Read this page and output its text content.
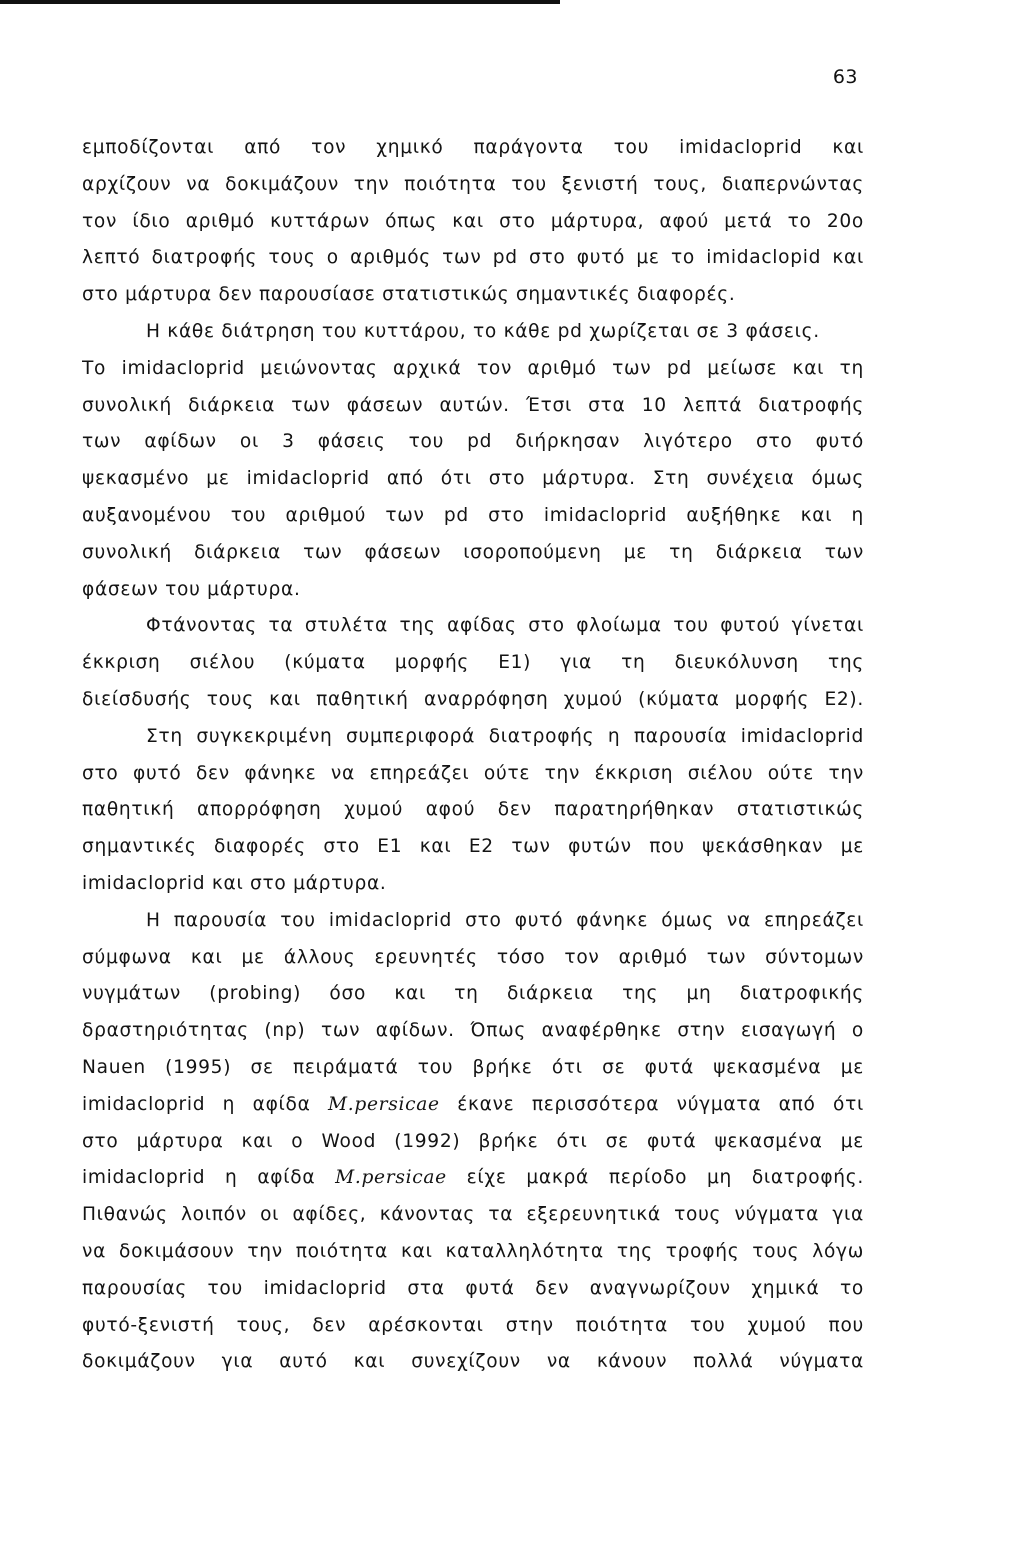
63
εμποδίζονται από τον χημικό παράγοντα του imidacloprid και
αρχίζουν να δοκιμάζουν την ποιότητα του ξενιστή τους, διαπερνώντας
τον ίδιο αριθμό κυττάρων όπως και στο μάρτυρα, αφού μετά το 20ο
λεπτό διατροφής τους ο αριθμός των pd στο φυτό με το imidaclopid και
στο μάρτυρα δεν παρουσίασε στατιστικώς σημαντικές διαφορές.
Η κάθε διάτρηση του κυττάρου, το κάθε pd χωρίζεται σε 3 φάσεις.
Το imidacloprid μειώνοντας αρχικά τον αριθμό των pd μείωσε και τη
συνολική διάρκεια των φάσεων αυτών. Έτσι στα 10 λεπτά διατροφής
των αφίδων οι 3 φάσεις του pd διήρκησαν λιγότερο στο φυτό
ψεκασμένο με imidacloprid από ότι στο μάρτυρα. Στη συνέχεια όμως
αυξανομένου του αριθμού των pd στο imidacloprid αυξήθηκε και η
συνολική διάρκεια των φάσεων ισοροπούμενη με τη διάρκεια των
φάσεων του μάρτυρα.
Φτάνοντας τα στυλέτα της αφίδας στο φλοίωμα του φυτού γίνεται
έκκριση σιέλου (κύματα μορφής Ε1) για τη διευκόλυνση της
διείσδυσής τους και παθητική αναρρόφηση χυμού (κύματα μορφής Ε2).
Στη συγκεκριμένη συμπεριφορά διατροφής η παρουσία imidacloprid
στο φυτό δεν φάνηκε να επηρεάζει ούτε την έκκριση σιέλου ούτε την
παθητική απορρόφηση χυμού αφού δεν παρατηρήθηκαν στατιστικώς
σημαντικές διαφορές στο Ε1 και Ε2 των φυτών που ψεκάσθηκαν με
imidacloprid και στο μάρτυρα.
Η παρουσία του imidacloprid στο φυτό φάνηκε όμως να επηρεάζει
σύμφωνα και με άλλους ερευνητές τόσο τον αριθμό των σύντομων
νυγμάτων (probing) όσο και τη διάρκεια της μη διατροφικής
δραστηριότητας (np) των αφίδων. Όπως αναφέρθηκε στην εισαγωγή ο
Nauen (1995) σε πειράματά του βρήκε ότι σε φυτά ψεκασμένα με
imidacloprid η αφίδα M.persicae έκανε περισσότερα νύγματα από ότι
στο μάρτυρα και ο Wood (1992) βρήκε ότι σε φυτά ψεκασμένα με
imidacloprid η αφίδα M.persicae είχε μακρά περίοδο μη διατροφής.
Πιθανώς λοιπόν οι αφίδες, κάνοντας τα εξερευνητικά τους νύγματα για
να δοκιμάσουν την ποιότητα και καταλληλότητα της τροφής τους λόγω
παρουσίας του imidacloprid στα φυτά δεν αναγνωρίζουν χημικά το
φυτό-ξενιστή τους, δεν αρέσκονται στην ποιότητα του χυμού που
δοκιμάζουν για αυτό και συνεχίζουν να κάνουν πολλά νύγματα
